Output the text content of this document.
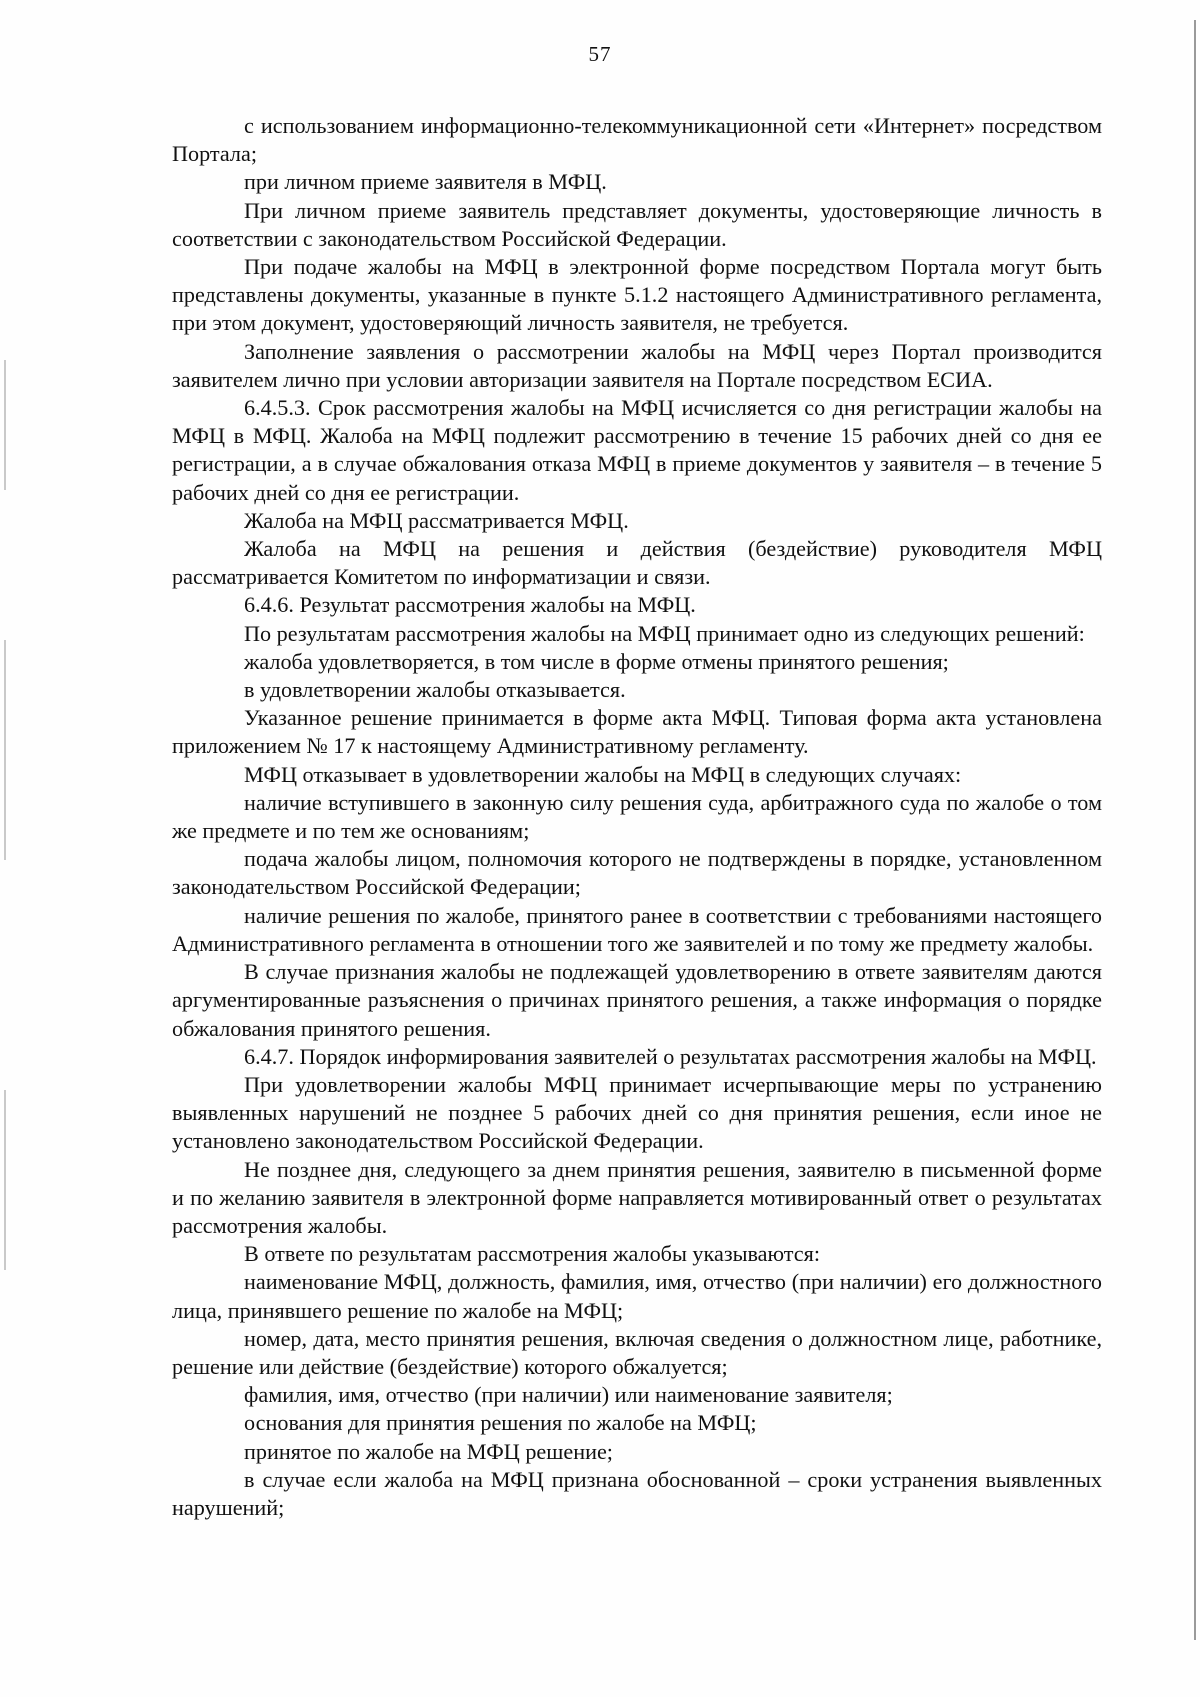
57

с использованием информационно-телекоммуникационной сети «Интернет» посредством Портала;

при личном приеме заявителя в МФЦ.

При личном приеме заявитель представляет документы, удостоверяющие личность в соответствии с законодательством Российской Федерации.

При подаче жалобы на МФЦ в электронной форме посредством Портала могут быть представлены документы, указанные в пункте 5.1.2 настоящего Административного регламента, при этом документ, удостоверяющий личность заявителя, не требуется.

Заполнение заявления о рассмотрении жалобы на МФЦ через Портал производится заявителем лично при условии авторизации заявителя на Портале посредством ЕСИА.

6.4.5.3. Срок рассмотрения жалобы на МФЦ исчисляется со дня регистрации жалобы на МФЦ в МФЦ. Жалоба на МФЦ подлежит рассмотрению в течение 15 рабочих дней со дня ее регистрации, а в случае обжалования отказа МФЦ в приеме документов у заявителя – в течение 5 рабочих дней со дня ее регистрации.

Жалоба на МФЦ рассматривается МФЦ.

Жалоба на МФЦ на решения и действия (бездействие) руководителя МФЦ рассматривается Комитетом по информатизации и связи.

6.4.6. Результат рассмотрения жалобы на МФЦ.

По результатам рассмотрения жалобы на МФЦ принимает одно из следующих решений:

жалоба удовлетворяется, в том числе в форме отмены принятого решения;

в удовлетворении жалобы отказывается.

Указанное решение принимается в форме акта МФЦ. Типовая форма акта установлена приложением № 17 к настоящему Административному регламенту.

МФЦ отказывает в удовлетворении жалобы на МФЦ в следующих случаях:

наличие вступившего в законную силу решения суда, арбитражного суда по жалобе о том же предмете и по тем же основаниям;

подача жалобы лицом, полномочия которого не подтверждены в порядке, установленном законодательством Российской Федерации;

наличие решения по жалобе, принятого ранее в соответствии с требованиями настоящего Административного регламента в отношении того же заявителей и по тому же предмету жалобы.

В случае признания жалобы не подлежащей удовлетворению в ответе заявителям даются аргументированные разъяснения о причинах принятого решения, а также информация о порядке обжалования принятого решения.

6.4.7. Порядок информирования заявителей о результатах рассмотрения жалобы на МФЦ.

При удовлетворении жалобы МФЦ принимает исчерпывающие меры по устранению выявленных нарушений не позднее 5 рабочих дней со дня принятия решения, если иное не установлено законодательством Российской Федерации.

Не позднее дня, следующего за днем принятия решения, заявителю в письменной форме и по желанию заявителя в электронной форме направляется мотивированный ответ о результатах рассмотрения жалобы.

В ответе по результатам рассмотрения жалобы указываются:

наименование МФЦ, должность, фамилия, имя, отчество (при наличии) его должностного лица, принявшего решение по жалобе на МФЦ;

номер, дата, место принятия решения, включая сведения о должностном лице, работнике, решение или действие (бездействие) которого обжалуется;

фамилия, имя, отчество (при наличии) или наименование заявителя;

основания для принятия решения по жалобе на МФЦ;

принятое по жалобе на МФЦ решение;

в случае если жалоба на МФЦ признана обоснованной – сроки устранения выявленных нарушений;
